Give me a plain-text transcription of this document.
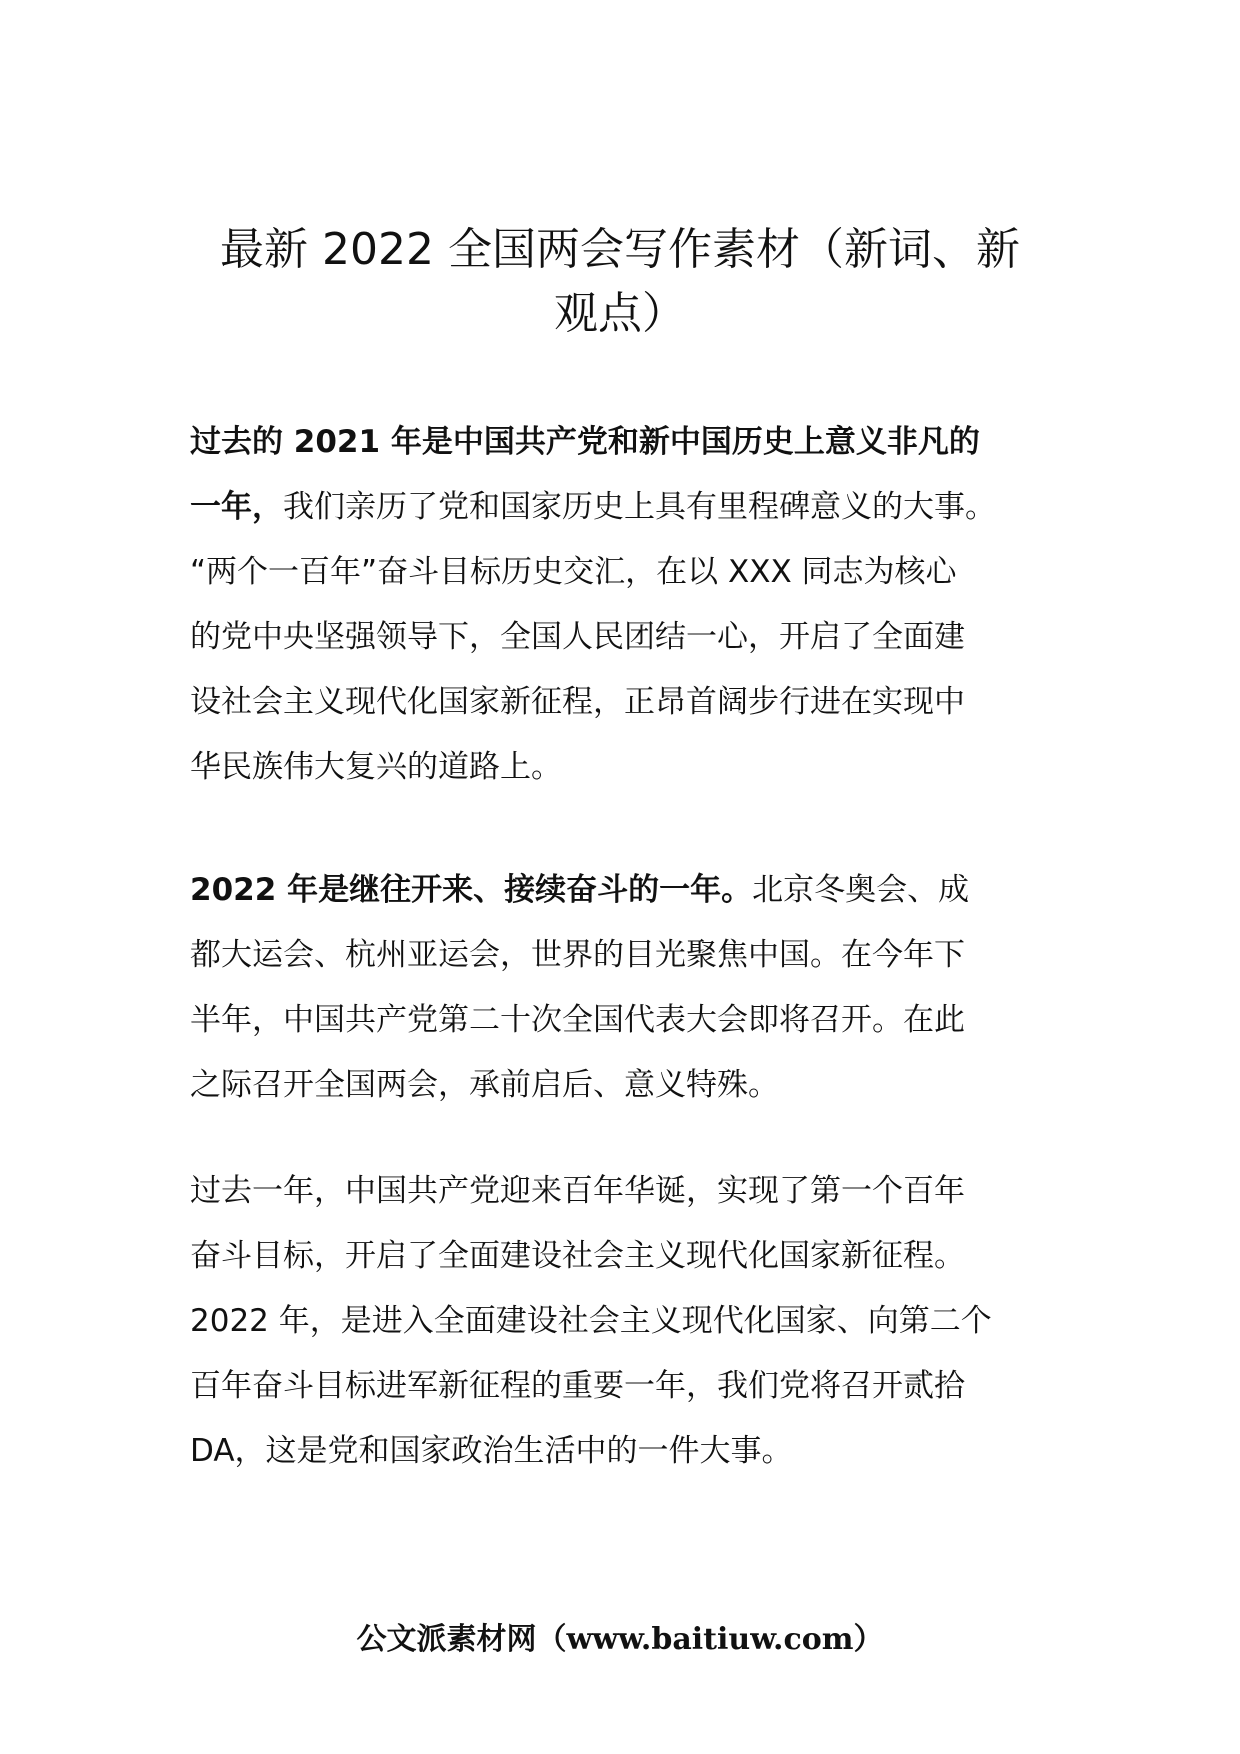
最新 2022 全国两会写作素材（新词、新
观点）

过去的 2021 年是中国共产党和新中国历史上意义非凡的
一年，我们亲历了党和国家历史上具有里程碑意义的大事。
“两个一百年”奋斗目标历史交汇，在以 XXX 同志为核心
的党中央坚强领导下，全国人民团结一心，开启了全面建
设社会主义现代化国家新征程，正昂首阔步行进在实现中
华民族伟大复兴的道路上。

2022 年是继往开来、接续奋斗的一年。北京冬奥会、成
都大运会、杭州亚运会，世界的目光聚焦中国。在今年下
半年，中国共产党第二十次全国代表大会即将召开。在此
之际召开全国两会，承前启后、意义特殊。

过去一年，中国共产党迎来百年华诞，实现了第一个百年
奋斗目标，开启了全面建设社会主义现代化国家新征程。
2022 年，是进入全面建设社会主义现代化国家、向第二个
百年奋斗目标进军新征程的重要一年，我们党将召开贰拾
DA，这是党和国家政治生活中的一件大事。

公文派素材网（www.baitiuw.com）
